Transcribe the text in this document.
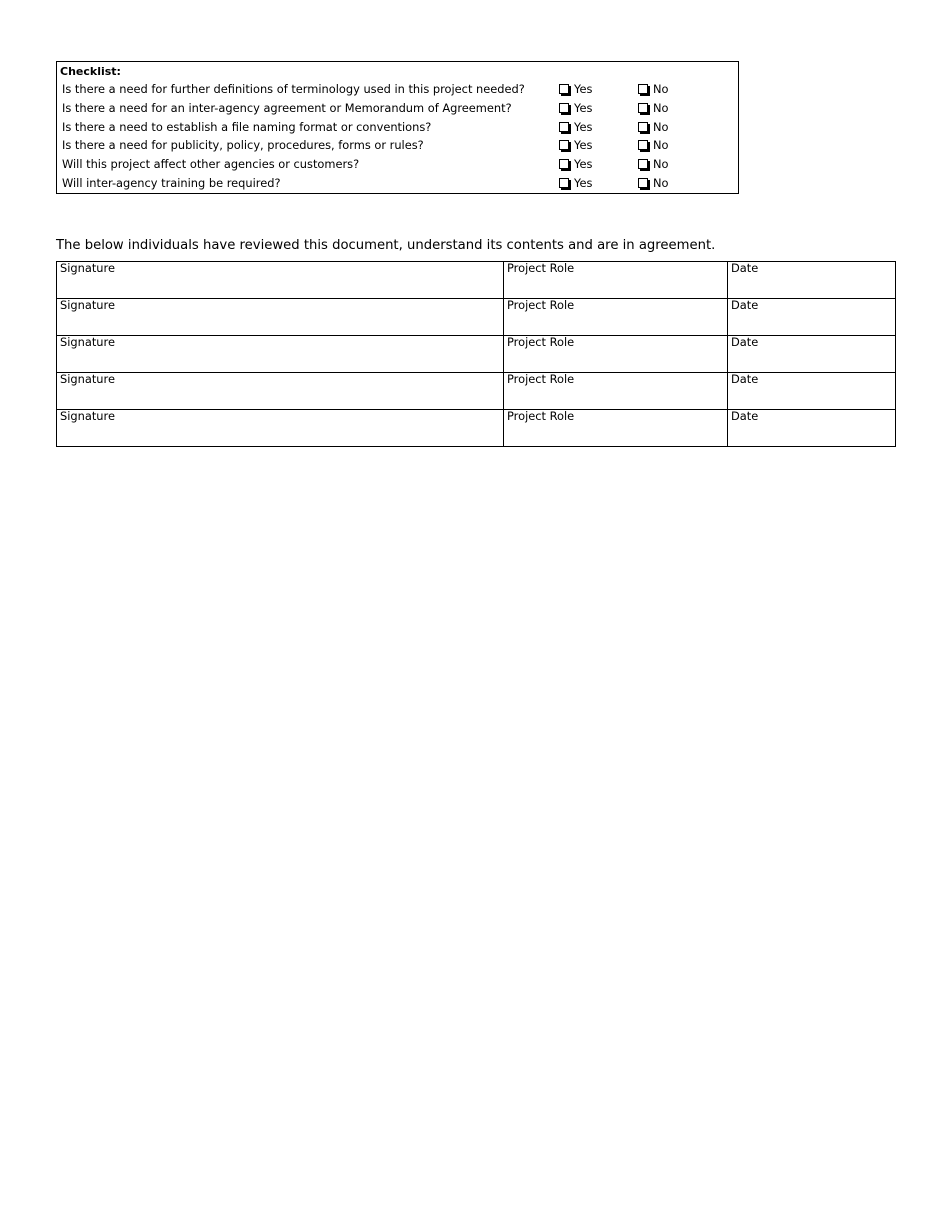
Checklist:
Is there a need for further definitions of terminology used in this project needed?	Yes	No
Is there a need for an inter-agency agreement or Memorandum of Agreement?	Yes	No
Is there a need to establish a file naming format or conventions?	Yes	No
Is there a need for publicity, policy, procedures, forms or rules?	Yes	No
Will this project affect other agencies or customers?	Yes	No
Will inter-agency training be required?	Yes	No
The below individuals have reviewed this document, understand its contents and are in agreement.
Signature	Project Role	Date
Signature	Project Role	Date
Signature	Project Role	Date
Signature	Project Role	Date
Signature	Project Role	Date
